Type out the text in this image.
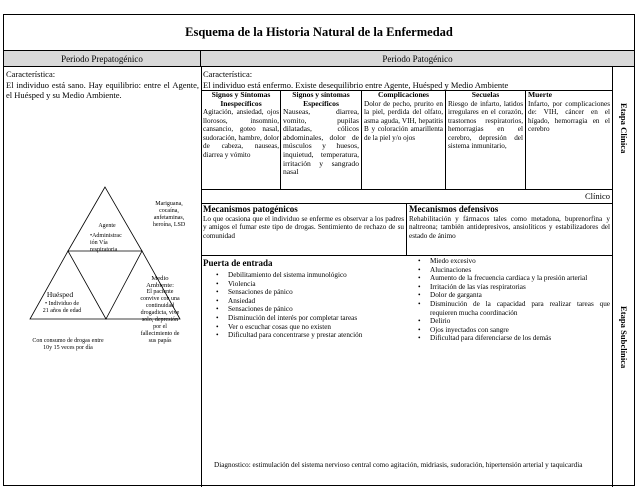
Esquema de la Historia Natural de la Enfermedad
Periodo Prepatogénico	Periodo Patogénico
Característica:
El individuo está sano. Hay equilibrio: entre el Agente, el Huésped y su Medio Ambiente.
Agente
•Administrac ión Vía respiratoria
Mariguana, cocaína, anfetaminas, heroína, LSD
Huésped
• Individuo de 21 años de edad
Con consumo de drogas entre 10y 15 veces por día
Medio Ambiente:
El paciente convive con una continuidad drogadicta, vive solo, depresión por el fallecimiento de sus papás
Característica:
El individuo está enfermo. Existe desequilibrio entre Agente, Huésped y Medio Ambiente
Signos y Síntomas Inespecíficos
Agitación, ansiedad, ojos llorosos, insomnio, cansancio, goteo nasal, sudoración, hambre, dolor de cabeza, nauseas, diarrea y vómito
Signos y síntomas Específicos
Nauseas, diarrea, vomito, pupilas dilatadas, cólicos abdominales, dolor de músculos y huesos, inquietud, temperatura, irritación y sangrado nasal
Complicaciones
Dolor de pecho, prurito en la piel, perdida del olfato, asma aguda, VIH, hepatitis B y coloración amarillenta de la piel y/o ojos
Secuelas
Riesgo de infarto, latidos irregulares en el corazón, trastornos respiratorios, hemorragias en el cerebro, depresión del sistema inmunitario,
Muerte
Infarto, por complicaciones de: VIH, cáncer en el hígado, hemorragia en el cerebro	Etapa Clínica
Clínico
Mecanismos patogénicos
Lo que ocasiona que el individuo se enferme es observar a los padres y amigos el fumar este tipo de drogas. Sentimiento de rechazo de su comunidad
Mecanismos defensivos
Rehabilitación y fármacos tales como metadona, buprenorfina y naltreona; también antidepresivos, ansiolíticos y estabilizadores del estado de ánimo
Puerta de entrada
• Debilitamiento del sistema inmunológico
• Violencia
• Sensaciones de pánico
• Ansiedad
• Sensaciones de pánico
• Disminución del interés por completar tareas
• Ver o escuchar cosas que no existen
• Dificultad para concentrarse y prestar atención
• Miedo excesivo
• Alucinaciones
• Aumento de la frecuencia cardiaca y la presión arterial
• Irritación de las vías respiratorias
• Dolor de garganta
• Disminución de la capacidad para realizar tareas que requieren mucha coordinación
• Delirio
• Ojos inyectados con sangre
• Dificultad para diferenciarse de los demás
Diagnostico: estimulación del sistema nervioso central como agitación, midriasis, sudoración, hipertensión arterial y taquicardia
Etapa Subclínica
